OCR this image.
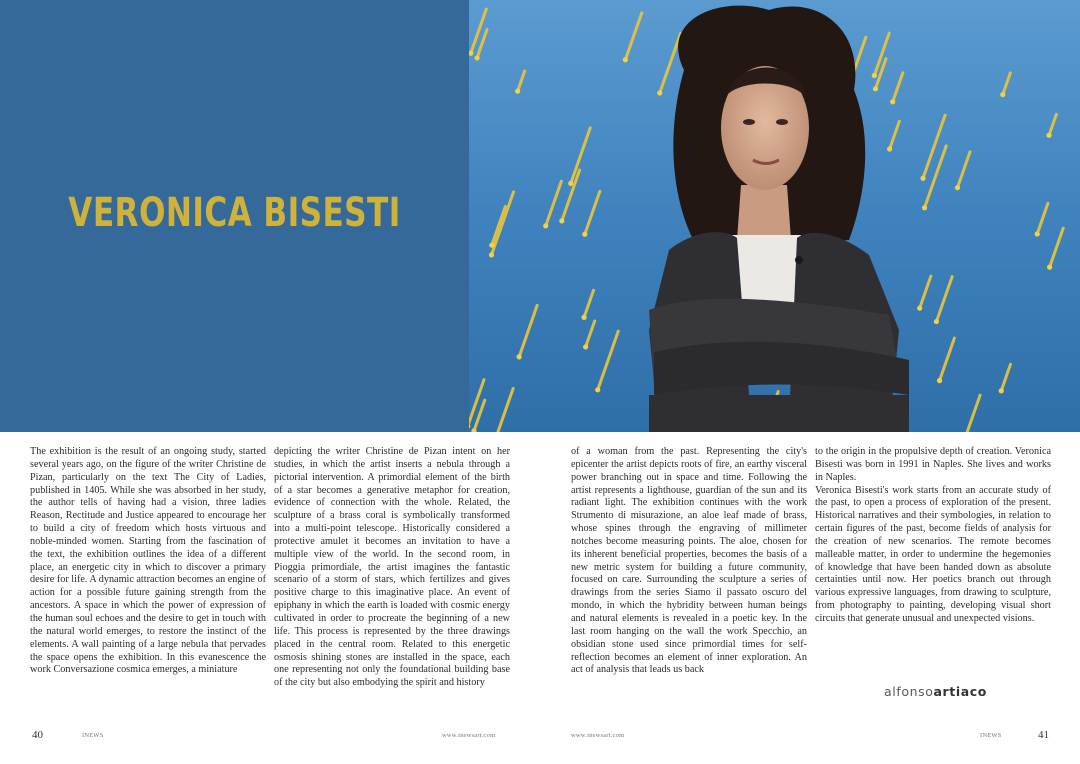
VERONICA BISESTI

The exhibition is the result of an ongoing study, started several years ago, on the figure of the writer Christine de Pizan, particularly on the text The City of Ladies, published in 1405. While she was absorbed in her study, the author tells of having had a vision, three ladies Reason, Rectitude and Justice appeared to encourage her to build a city of freedom which hosts virtuous and noble-minded women. Starting from the fascination of the text, the exhibition outlines the idea of a different place, an energetic city in which to discover a primary desire for life. A dynamic attraction becomes an engine of action for a possible future gaining strength from the ancestors. A space in which the power of expression of the human soul echoes and the desire to get in touch with the natural world emerges, to restore the instinct of the elements. A wall painting of a large nebula that pervades the space opens the exhibition. In this evanescence the work Conversazione cosmica emerges, a miniature

depicting the writer Christine de Pizan intent on her studies, in which the artist inserts a nebula through a pictorial intervention. A primordial element of the birth of a star becomes a generative metaphor for creation, evidence of connection with the whole. Related, the sculpture of a brass coral is symbolically transformed into a multi-point telescope. Historically considered a protective amulet it becomes an invitation to have a multiple view of the world. In the second room, in Pioggia primordiale, the artist imagines the fantastic scenario of a storm of stars, which fertilizes and gives positive charge to this imaginative place. An event of epiphany in which the earth is loaded with cosmic energy cultivated in order to procreate the beginning of a new life. This process is represented by the three drawings placed in the central room. Related to this energetic osmosis shining stones are installed in the space, each one representing not only the foundational building base of the city but also embodying the spirit and history

of a woman from the past. Representing the city's epicenter the artist depicts roots of fire, an earthy visceral power branching out in space and time. Following the artist represents a lighthouse, guardian of the sun and its radiant light. The exhibition continues with the work Strumento di misurazione, an aloe leaf made of brass, whose spines through the engraving of millimeter notches become measuring points. The aloe, chosen for its inherent beneficial properties, becomes the basis of a new metric system for building a future community, focused on care. Surrounding the sculpture a series of drawings from the series Siamo il passato oscuro del mondo, in which the hybridity between human beings and natural elements is revealed in a poetic key. In the last room hanging on the wall the work Specchio, an obsidian stone used since primordial times for self-reflection becomes an element of inner exploration. An act of analysis that leads us back

to the origin in the propulsive depth of creation. Veronica Bisesti was born in 1991 in Naples. She lives and works in Naples.

Veronica Bisesti's work starts from an accurate study of the past, to open a process of exploration of the present. Historical narratives and their symbologies, in relation to certain figures of the past, become fields of analysis for the creation of new scenarios. The remote becomes malleable matter, in order to undermine the hegemonies of knowledge that have been handed down as absolute certainties until now. Her poetics branch out through various expressive languages, from drawing to sculpture, from photography to painting, developing visual short circuits that generate unusual and unexpected visions.

alfonsoartiaco
40	INEWS	www.inewsart.com	www.inewsart.com	INEWS	41
